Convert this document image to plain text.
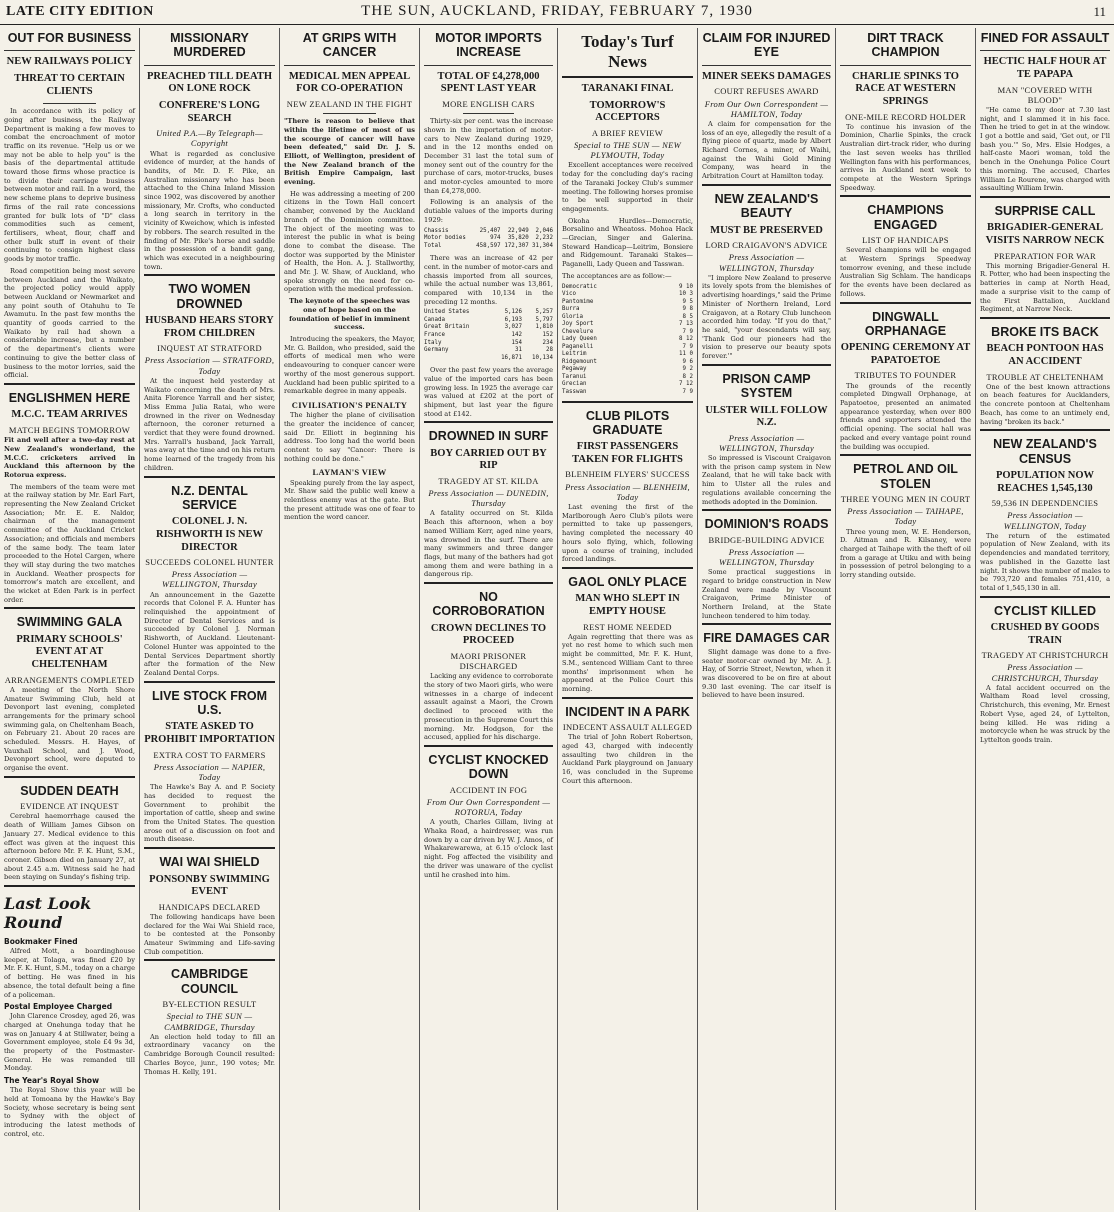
LATE CITY EDITION	THE SUN, AUCKLAND, FRIDAY, FEBRUARY 7, 1930	11
OUT FOR BUSINESS
NEW RAILWAYS POLICY
THREAT TO CERTAIN CLIENTS

In accordance with its policy of going after business, the Railway Department is making a few moves to combat the encroachment of motor traffic on its revenue. "Help us or we may not be able to help you" is the basis of the departmental attitude toward those firms whose practice is to divide their carriage business between motor and rail. In a word, the new scheme plans to deprive business firms of the rail rate concessions granted for bulk lots of "D" class commodities such as cement, fertilisers, wheat, flour, chaff and other bulk stuff in event of their continuing to consign highest class goods by motor traffic.

Road competition being most severe between Auckland and the Waikato, the projected policy would apply between Auckland or Newmarket and any point south of Otahuhu to Te Awamutu. In the past few months the quantity of goods carried to the Waikato by rail had shown a considerable increase, but a number of the department's clients were continuing to give the better class of business to the motor lorries, said the official.

ENGLISHMEN HERE
M.C.C. TEAM ARRIVES
MATCH BEGINS TOMORROW

Fit and well after a two-day rest at New Zealand's wonderland, the M.C.C. cricketers arrived in Auckland this afternoon by the Rotorua express.

The members of the team were met at the railway station by Mr. Earl Fart, representing the New Zealand Cricket Association; Mr. E. E. Naldor, chairman of the management committee of the Auckland Cricket Association; and officials and members of the same body. The team later proceeded to the Hotel Cargen, where they will stay during the two matches in Auckland. Weather prospects for tomorrow's match are excellent, and the wicket at Eden Park is in perfect order.

SWIMMING GALA
PRIMARY SCHOOLS' EVENT AT AT CHELTENHAM
ARRANGEMENTS COMPLETED

A meeting of the North Shore Amateur Swimming Club, held at Devonport last evening, completed arrangements for the primary school swimming gala, on Cheltenham Beach, on February 21. About 20 races are scheduled. Messrs. H. Hayes, of Vauxhall School, and J. Wood, Devonport school, were deputed to organise the event.

SUDDEN DEATH
EVIDENCE AT INQUEST

Cerebral haemorrhage caused the death of William James Gibson on January 27. Medical evidence to this effect was given at the inquest this afternoon before Mr. F. K. Hunt, S.M., coroner. Gibson died on January 27, at about 2.45 a.m. Witness said he had been staying on Sunday's fishing trip.

Last Look Round
Bookmaker Fined

Alfred Mott, a boardinghouse keeper, at Tolaga, was fined £20 by Mr. F. K. Hunt, S.M., today on a charge of betting. He was fined in his absence, the total default being a fine of a policeman.

Postal Employee Charged

John Clarence Crosdey, aged 26, was charged at Onehunga today that he was on January 4 at Stillwater, being a Government employee, stole £4 9s 3d, the property of the Postmaster-General. He was remanded till Monday.

The Year's Royal Show

The Royal Show this year will be held at Tomoana by the Hawke's Bay Society, whose secretary is being sent to Sydney with the object of introducing the latest methods of control, etc.

MISSIONARY MURDERED
PREACHED TILL DEATH ON LONE ROCK
CONFRERE'S LONG SEARCH
United P.A.—By Telegraph—Copyright

What is regarded as conclusive evidence of murder, at the hands of bandits, of Mr. D. F. Pike, an Australian missionary who has been attached to the China Inland Mission since 1902, was discovered by another missionary, Mr. Crofts, who conducted a long search in territory in the vicinity of Kweichow, which is infested by robbers. The search resulted in the finding of Mr. Pike's horse and saddle in the possession of a bandit gang, which was executed in a neighbouring town.

TWO WOMEN DROWNED
HUSBAND HEARS STORY FROM CHILDREN
INQUEST AT STRATFORD
Press Association — STRATFORD, Today

At the inquest held yesterday at Waikato concerning the death of Mrs. Anita Florence Yarrall and her sister, Miss Emma Julia Ratai, who were drowned in the river on Wednesday afternoon, the coroner returned a verdict that they were found drowned. Mrs. Yarrall's husband, Jack Yarrall, was away at the time and on his return home learned of the tragedy from his children.

N.Z. DENTAL SERVICE
COLONEL J. N. RISHWORTH IS NEW DIRECTOR
SUCCEEDS COLONEL HUNTER
Press Association — WELLINGTON, Thursday

An announcement in the Gazette records that Colonel F. A. Hunter has relinquished the appointment of Director of Dental Services and is succeeded by Colonel J. Norman Rishworth, of Auckland. Lieutenant-Colonel Hunter was appointed to the Dental Services Department shortly after the formation of the New Zealand Dental Corps.

LIVE STOCK FROM U.S.
STATE ASKED TO PROHIBIT IMPORTATION
EXTRA COST TO FARMERS
Press Association — NAPIER, Today

The Hawke's Bay A. and P. Society has decided to request the Government to prohibit the importation of cattle, sheep and swine from the United States. The question arose out of a discussion on foot and mouth disease.

WAI WAI SHIELD
PONSONBY SWIMMING EVENT
HANDICAPS DECLARED

The following handicaps have been declared for the Wai Wai Shield race, to be contested at the Ponsonby Amateur Swimming and Life-saving Club competition.

CAMBRIDGE COUNCIL
BY-ELECTION RESULT
Special to THE SUN — CAMBRIDGE, Thursday

An election held today to fill an extraordinary vacancy on the Cambridge Borough Council resulted: Charles Boyce, junr., 190 votes; Mr. Thomas H. Kelly, 191.

AT GRIPS WITH CANCER
MEDICAL MEN APPEAL FOR CO-OPERATION
NEW ZEALAND IN THE FIGHT

"There is reason to believe that within the lifetime of most of us the scourge of cancer will have been defeated," said Dr. J. S. Elliott, of Wellington, president of the New Zealand branch of the British Empire Campaign, last evening.

He was addressing a meeting of 200 citizens in the Town Hall concert chamber, convened by the Auckland branch of the Dominion committee. The object of the meeting was to interest the public in what is being done to combat the disease. The doctor was supported by the Minister of Health, the Hon. A. J. Stallworthy, and Mr. J. W. Shaw, of Auckland, who spoke strongly on the need for co-operation with the medical profession.

The keynote of the speeches was one of hope based on the foundation of belief in imminent success.

Introducing the speakers, the Mayor, Mr. G. Baildon, who presided, said the efforts of medical men who were endeavouring to conquer cancer were worthy of the most generous support. Auckland had been public spirited to a remarkable degree in many appeals.

CIVILISATION'S PENALTY

The higher the plane of civilisation the greater the incidence of cancer, said Dr. Elliott in beginning his address. Too long had the world been content to say "Cancer: There is nothing could be done."

LAYMAN'S VIEW

Speaking purely from the lay aspect, Mr. Shaw said the public well knew a relentless enemy was at the gate. But the present attitude was one of fear to mention the word cancer.

MOTOR IMPORTS INCREASE
TOTAL OF £4,278,000 SPENT LAST YEAR
MORE ENGLISH CARS

Thirty-six per cent. was the increase shown in the importation of motor-cars to New Zealand during 1929, and in the 12 months ended on December 31 last the total sum of money sent out of the country for the purchase of cars, motor-trucks, buses and motor-cycles amounted to more than £4,278,000.

Following is an analysis of the dutiable values of the imports during 1929:

Chassis	25,407	22,949	2,046
Motor bodies	974	35,820	2,232
Total	458,597	172,307	31,304

There was an increase of 42 per cent. in the number of motor-cars and chassis imported from all sources, while the actual number was 13,861, compared with 10,134 in the preceding 12 months.

United States	5,126	5,257
Canada	6,193	5,797
Great Britain	3,027	1,810
France	142	152
Italy	154	234
Germany	31	28
	16,871	10,134

Over the past few years the average value of the imported cars has been growing less. In 1925 the average car was valued at £202 at the port of shipment, but last year the figure stood at £142.

DROWNED IN SURF
BOY CARRIED OUT BY RIP
TRAGEDY AT ST. KILDA
Press Association — DUNEDIN, Thursday

A fatality occurred on St. Kilda Beach this afternoon, when a boy named William Kerr, aged nine years, was drowned in the surf. There are many swimmers and three danger flags, but many of the bathers had got among them and were bathing in a dangerous rip.

NO CORROBORATION
CROWN DECLINES TO PROCEED
MAORI PRISONER DISCHARGED

Lacking any evidence to corroborate the story of two Maori girls, who were witnesses in a charge of indecent assault against a Maori, the Crown declined to proceed with the prosecution in the Supreme Court this morning. Mr. Hodgson, for the accused, applied for his discharge.

CYCLIST KNOCKED DOWN
ACCIDENT IN FOG
From Our Own Correspondent — ROTORUA, Today

A youth, Charles Gillam, living at Whaka Road, a hairdresser, was run down by a car driven by W. J. Amos, of Whakarewarewa, at 6.15 o'clock last night. Fog affected the visibility and the driver was unaware of the cyclist until he crashed into him.

Today's Turf News
TARANAKI FINAL
TOMORROW'S ACCEPTORS
A BRIEF REVIEW
Special to THE SUN — NEW PLYMOUTH, Today

Excellent acceptances were received today for the concluding day's racing of the Taranaki Jockey Club's summer meeting. The following horses promise to be well supported in their engagements.

Okoha Hurdles—Democratic, Borsalino and Wheatoss. Mohoa Hack—Grecian, Singer and Galerina. Steward Handicap—Leitrim, Bonsiere and Ridgemount. Taranaki Stakes—Paganelli, Lady Queen and Tasswan.

The acceptances are as follow:—

Democratic	9 10
Vico	10 3
Pantomime	9 5
Burra	9 8
Gloria	8 5
Joy Sport	7 13
Chevelure	7 9
Lady Queen	8 12
Paganelli	7 9
Leitrim	11 0
Ridgemount	9 6
Pegaway	9 2
Taranui	8 2
Grecian	7 12
Tasswan	7 9
CLUB PILOTS GRADUATE
FIRST PASSENGERS TAKEN FOR FLIGHTS
BLENHEIM FLYERS' SUCCESS
Press Association — BLENHEIM, Today

Last evening the first of the Marlborough Aero Club's pilots were permitted to take up passengers, having completed the necessary 40 hours solo flying, which, following upon a course of training, included forced landings.

GAOL ONLY PLACE
MAN WHO SLEPT IN EMPTY HOUSE
REST HOME NEEDED

Again regretting that there was as yet no rest home to which such men might be committed, Mr. F. K. Hunt, S.M., sentenced William Cant to three months' imprisonment when he appeared at the Police Court this morning.

INCIDENT IN A PARK
INDECENT ASSAULT ALLEGED

The trial of John Robert Robertson, aged 43, charged with indecently assaulting two children in the Auckland Park playground on January 16, was concluded in the Supreme Court this afternoon.

CLAIM FOR INJURED EYE
MINER SEEKS DAMAGES
COURT REFUSES AWARD
From Our Own Correspondent — HAMILTON, Today

A claim for compensation for the loss of an eye, allegedly the result of a flying piece of quartz, made by Albert Richard Cornes, a miner, of Waihi, against the Waihi Gold Mining Company, was heard in the Arbitration Court at Hamilton today.

NEW ZEALAND'S BEAUTY
MUST BE PRESERVED
LORD CRAIGAVON'S ADVICE
Press Association — WELLINGTON, Thursday

"I implore New Zealand to preserve its lovely spots from the blemishes of advertising hoardings," said the Prime Minister of Northern Ireland, Lord Craigavon, at a Rotary Club luncheon accorded him today. "If you do that," he said, "your descendants will say, 'Thank God our pioneers had the vision to preserve our beauty spots forever.'"

PRISON CAMP SYSTEM
ULSTER WILL FOLLOW N.Z.
Press Association — WELLINGTON, Thursday

So impressed is Viscount Craigavon with the prison camp system in New Zealand, that he will take back with him to Ulster all the rules and regulations available concerning the methods adopted in the Dominion.

DOMINION'S ROADS
BRIDGE-BUILDING ADVICE
Press Association — WELLINGTON, Thursday

Some practical suggestions in regard to bridge construction in New Zealand were made by Viscount Craigavon, Prime Minister of Northern Ireland, at the State luncheon tendered to him today.

FIRE DAMAGES CAR

Slight damage was done to a five-seater motor-car owned by Mr. A. J. Hay, of Sorrie Street, Newton, when it was discovered to be on fire at about 9.30 last evening. The car itself is believed to have been insured.

DIRT TRACK CHAMPION
CHARLIE SPINKS TO RACE AT WESTERN SPRINGS
ONE-MILE RECORD HOLDER

To continue his invasion of the Dominion, Charlie Spinks, the crack Australian dirt-track rider, who during the last seven weeks has thrilled Wellington fans with his performances, arrives in Auckland next week to compete at the Western Springs Speedway.

CHAMPIONS ENGAGED
LIST OF HANDICAPS

Several champions will be engaged at Western Springs Speedway tomorrow evening, and these include Australian Sig Schlam. The handicaps for the events have been declared as follows.

DINGWALL ORPHANAGE
OPENING CEREMONY AT PAPATOETOE
TRIBUTES TO FOUNDER

The grounds of the recently completed Dingwall Orphanage, at Papatoetoe, presented an animated appearance yesterday, when over 800 friends and supporters attended the official opening. The social hall was packed and every vantage point round the building was occupied.

PETROL AND OIL STOLEN
THREE YOUNG MEN IN COURT
Press Association — TAIHAPE, Today

Three young men, W. E. Henderson, D. Aitman and R. Kilsaney, were charged at Taihape with the theft of oil from a garage at Utiku and with being in possession of petrol belonging to a lorry standing outside.

FINED FOR ASSAULT
HECTIC HALF HOUR AT TE PAPAPA
MAN "COVERED WITH BLOOD"

"He came to my door at 7.30 last night, and I slammed it in his face. Then he tried to get in at the window. I got a bottle and said, 'Get out, or I'll bash you.'" So, Mrs. Elsie Hodges, a half-caste Maori woman, told the bench in the Onehunga Police Court this morning. The accused, Charles William Le Rourene, was charged with assaulting William Irwin.

SURPRISE CALL
BRIGADIER-GENERAL VISITS NARROW NECK
PREPARATION FOR WAR

This morning Brigadier-General H. R. Potter, who had been inspecting the batteries in camp at North Head, made a surprise visit to the camp of the First Battalion, Auckland Regiment, at Narrow Neck.

BROKE ITS BACK
BEACH PONTOON HAS AN ACCIDENT
TROUBLE AT CHELTENHAM

One of the best known attractions on beach features for Aucklanders, the concrete pontoon at Cheltenham Beach, has come to an untimely end, having "broken its back."

NEW ZEALAND'S CENSUS
POPULATION NOW REACHES 1,545,130
59,536 IN DEPENDENCIES
Press Association — WELLINGTON, Today

The return of the estimated population of New Zealand, with its dependencies and mandated territory, was published in the Gazette last night. It shows the number of males to be 793,720 and females 751,410, a total of 1,545,130 in all.

CYCLIST KILLED
CRUSHED BY GOODS TRAIN
TRAGEDY AT CHRISTCHURCH
Press Association — CHRISTCHURCH, Thursday

A fatal accident occurred on the Waltham Road level crossing, Christchurch, this evening, Mr. Ernest Robert Vyse, aged 24, of Lyttelton, being killed. He was riding a motorcycle when he was struck by the Lyttelton goods train.
